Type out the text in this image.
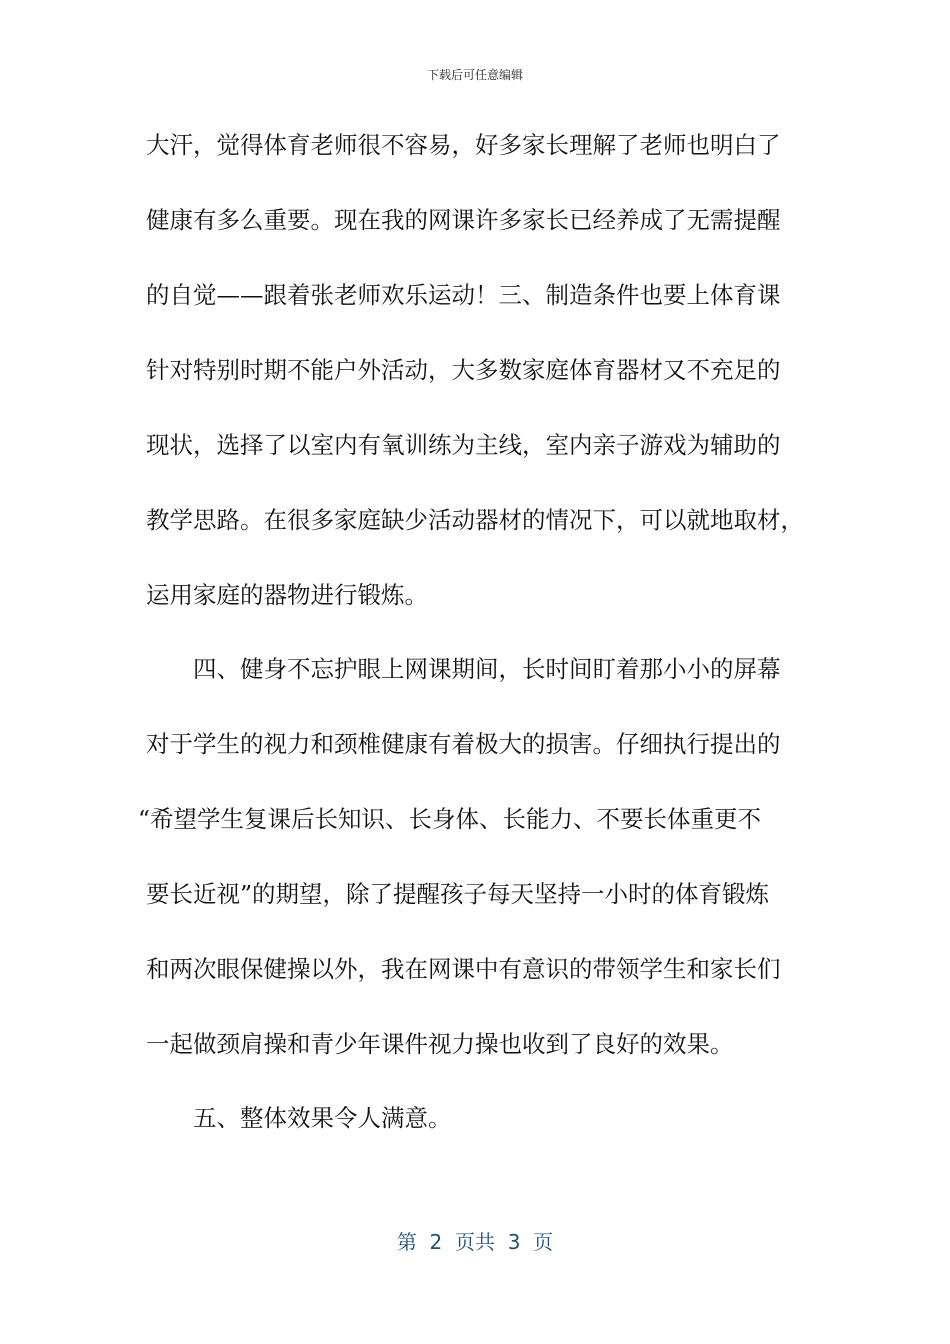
下载后可任意编辑
大汗，觉得体育老师很不容易，好多家长理解了老师也明白了
健康有多么重要。现在我的网课许多家长已经养成了无需提醒
的自觉——跟着张老师欢乐运动！三、制造条件也要上体育课
针对特别时期不能户外活动，大多数家庭体育器材又不充足的
现状，选择了以室内有氧训练为主线，室内亲子游戏为辅助的
教学思路。在很多家庭缺少活动器材的情况下，可以就地取材，
运用家庭的器物进行锻炼。
四、健身不忘护眼上网课期间，长时间盯着那小小的屏幕
对于学生的视力和颈椎健康有着极大的损害。仔细执行提出的
“希望学生复课后长知识、长身体、长能力、不要长体重更不
要长近视”的期望，除了提醒孩子每天坚持一小时的体育锻炼
和两次眼保健操以外，我在网课中有意识的带领学生和家长们
一起做颈肩操和青少年课件视力操也收到了良好的效果。
五、整体效果令人满意。
第  2  页共  3  页
